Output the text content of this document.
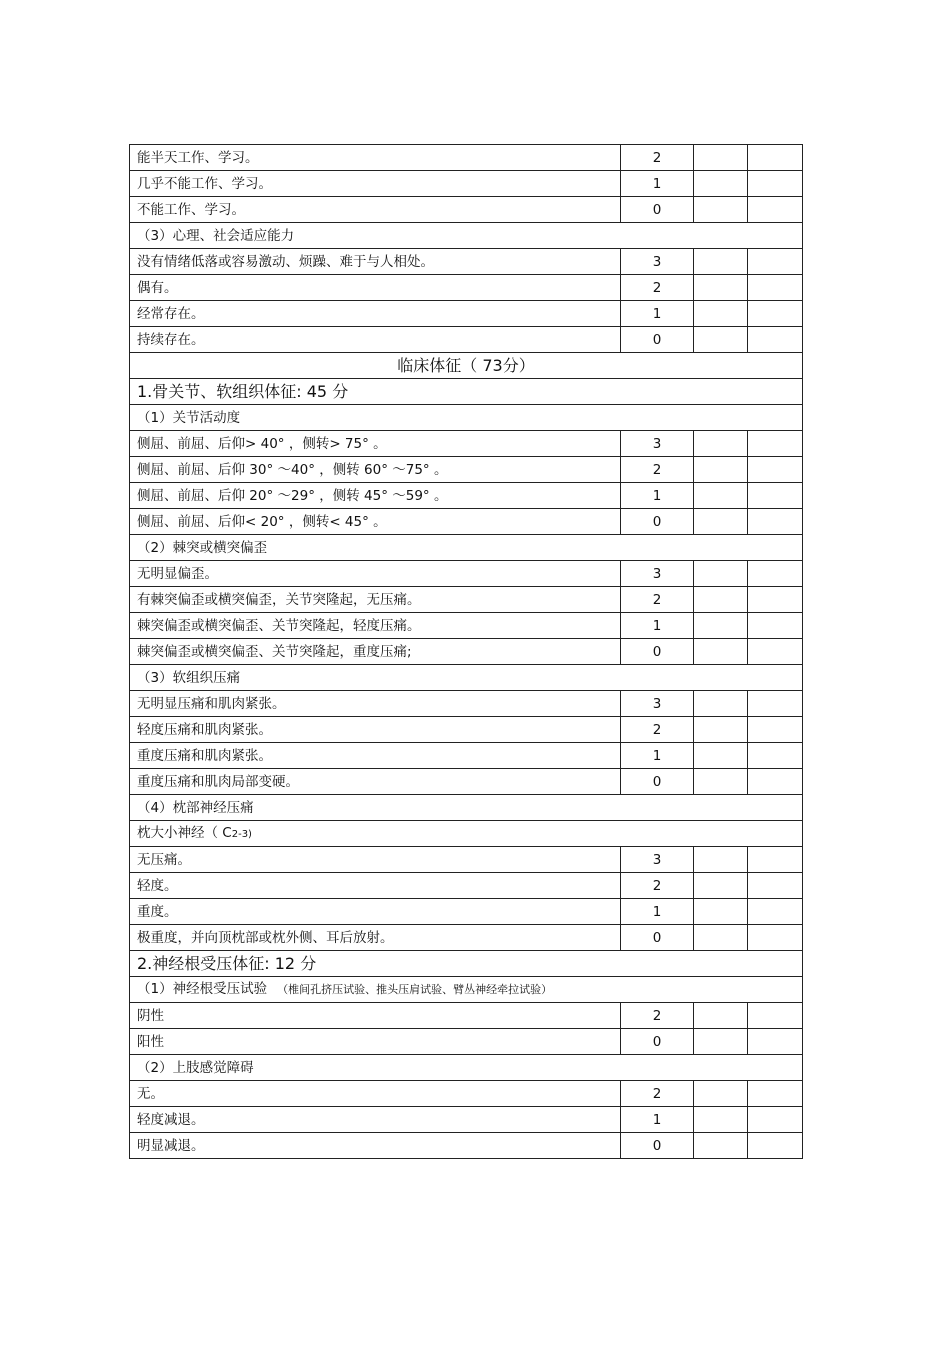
能半天工作、学习。	2		
几乎不能工作、学习。	1		
不能工作、学习。	0		
（3）心理、社会适应能力			
没有情绪低落或容易激动、烦躁、难于与人相处。	3		
偶有。	2		
经常存在。	1		
持续存在。	0		
临床体征（ 73分）			
1.骨关节、软组织体征: 45 分			
（1）关节活动度			
侧屈、前屈、后仰> 40° ，侧转> 75° 。	3		
侧屈、前屈、后仰 30° ～40° ，侧转 60° ～75° 。	2		
侧屈、前屈、后仰 20° ～29° ，侧转 45° ～59° 。	1		
侧屈、前屈、后仰< 20° ，侧转< 45° 。	0		
（2）棘突或横突偏歪			
无明显偏歪。	3		
有棘突偏歪或横突偏歪，关节突隆起，无压痛。	2		
棘突偏歪或横突偏歪、关节突隆起，轻度压痛。	1		
棘突偏歪或横突偏歪、关节突隆起，重度压痛;	0		
（3）软组织压痛			
无明显压痛和肌肉紧张。	3		
轻度压痛和肌肉紧张。	2		
重度压痛和肌肉紧张。	1		
重度压痛和肌肉局部变硬。	0		
（4）枕部神经压痛			
枕大小神经（ C2-3)			
无压痛。	3		
轻度。	2		
重度。	1		
极重度，并向顶枕部或枕外侧、耳后放射。	0		
2.神经根受压体征: 12 分			
（1）神经根受压试验 （椎间孔挤压试验、推头压肩试验、臂丛神经牵拉试验）			
阴性	2		
阳性	0		
（2）上肢感觉障碍			
无。	2		
轻度减退。	1		
明显减退。	0		
